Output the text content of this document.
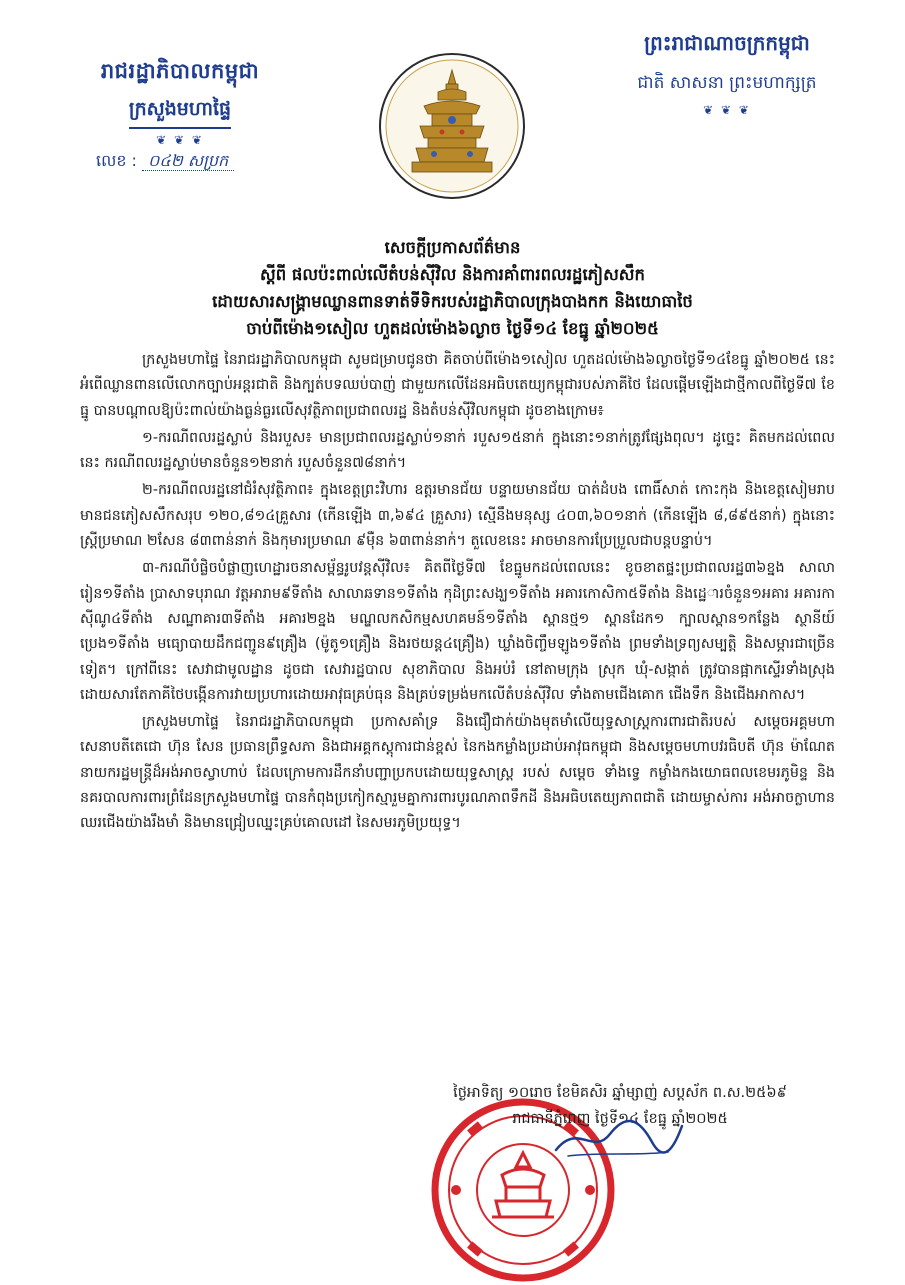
រាជរដ្ឋាភិបាលកម្ពុជា
ក្រសួងមហាផ្ទៃ
❦ ❦ ❦
លេខ : ០៤២ សប្រក
ព្រះរាជាណាចក្រកម្ពុជា
ជាតិ សាសនា ព្រះមហាក្សត្រ
❦ ❦ ❦
សេចក្តីប្រកាសព័ត៌មាន
ស្តីពី ផលប៉ះពាល់លើតំបន់ស៊ីវិល និងការគាំពារពលរដ្ឋភៀសសឹក
ដោយសារសង្គ្រាមឈ្លានពានទាត់ទីទិករបស់រដ្ឋាភិបាលក្រុងបាងកក និងយោធាថៃ
ចាប់ពីម៉ោង១សៀល ហួតដល់ម៉ោង៦ល្ងាច ថ្ងៃទី១៤ ខែធ្នូ ឆ្នាំ២០២៥

ក្រសួងមហាផ្ទៃ នៃរាជរដ្ឋាភិបាលកម្ពុជា សូមជម្រាបជូនថា គិតចាប់ពីម៉ោង១សៀល ហួតដល់ម៉ោង៦ល្ងាចថ្ងៃទី១៤ខែធ្នូ ឆ្នាំ២០២៥ នេះ អំពើឈ្លានពានលើលោកច្បាប់អន្តរជាតិ និងក្បត់បទឈប់បាញ់ ជាមួយកលើដែនអធិបតេយ្យកម្ពុជារបស់ភាគីថៃ ដែលផ្តើមឡើងជាថ្មីកាលពីថ្ងៃទី៧ ខែធ្នូ បានបណ្តាលឱ្យប៉ះពាល់យ៉ាងធ្ងន់ធ្ងរលើសុវត្ថិភាពប្រជាពលរដ្ឋ និងតំបន់ស៊ីវិលកម្ពុជា ដូចខាងក្រោម៖

១-ករណីពលរដ្ឋស្លាប់ និងរបួស៖ មានប្រជាពលរដ្ឋស្លាប់១នាក់ របួស១៥នាក់ ក្នុងនោះ១នាក់ត្រូវផ្សែងពុល។ ដូច្នេះ គិតមកដល់ពេលនេះ ករណីពលរដ្ឋស្លាប់មានចំនួន១២នាក់ របួសចំនួន៧៨នាក់។

២-ករណីពលរដ្ឋនៅជំរំសុវត្ថិភាព៖ ក្នុងខេត្តព្រះវិហារ ឧត្តរមានជ័យ បន្ទាយមានជ័យ បាត់ដំបង ពោធិ៍សាត់ កោះកុង និងខេត្តសៀមរាប មានជនភៀសសឹកសរុប ១២០,៨១៤គ្រួសារ (កើនឡើង ៣,៦៩៤ គ្រួសារ) ស្មើនឹងមនុស្ស ៤០៣,៦០១នាក់ (កើនឡើង ៨,៨៩៥នាក់) ក្នុងនោះស្ត្រីប្រមាណ ២សែន ៨៣ពាន់នាក់ និងកុមារប្រមាណ ៩ម៉ឺន ៦៣ពាន់នាក់។ តួលេខនេះ អាចមានការប្រែប្រួលជាបន្តបន្ទាប់។

៣-ករណីបំផ្លិចបំផ្លាញហេដ្ឋារចនាសម្ព័ន្ធរូបវន្តស៊ីវិល៖ គិតពីថ្ងៃទី៧ ខែធ្នូមកដល់ពេលនេះ ខូចខាតផ្ទះប្រជាពលរដ្ឋ៣៦ខ្នង សាលារៀន១ទីតាំង ប្រាសាទបុរាណ វត្តអារាម៩ទីតាំង សាលាឆទាន១ទីតាំង កុដិព្រះសង្ឃ១ទីតាំង អគារកោសិកា៥ទីតាំង និងដេ្ឋារចំនួន១អគារ អគារកាស៊ីណូ៤ទីតាំង សណ្ឋាគារ៣ទីតាំង អគារ២ខ្នង មណ្ឌលកសិកម្មសហគមន៍១ទីតាំង ស្ពានថ្ម១ ស្ពានដែក១ ក្បាលស្ពាន១កន្លែង ស្ថានីយ៍ប្រេង១ទីតាំង មធ្យោបាយដឹកជញ្ជូន៩គ្រឿង (ម៉ូតូ១គ្រឿង និងរថយន្ត៤គ្រឿង) ឃ្លាំងចិញ្ចឹមឡូង១ទីតាំង ព្រមទាំងទ្រព្យសម្បត្តិ និងសម្ភារជាច្រើនទៀត។ ក្រៅពីនេះ សេវាជាមូលដ្ឋាន ដូចជា សេវារដ្ឋបាល សុខាភិបាល និងអប់រំ នៅតាមក្រុង ស្រុក ឃុំ-សង្កាត់ ត្រូវបានផ្អាកស្ទើរទាំងស្រុង ដោយសារតែភាគីថៃបង្កើនការវាយប្រហារដោយអាវុធគ្រប់ធុន និងគ្រប់ទម្រង់មកលើតំបន់ស៊ីវិល ទាំងតាមជើងគោក ជើងទឹក និងជើងអាកាស។

ក្រសួងមហាផ្ទៃ នៃរាជរដ្ឋាភិបាលកម្ពុជា ប្រកាសគាំទ្រ និងជឿជាក់យ៉ាងមុតមាំលើយុទ្ធសាស្ត្រការពារជាតិរបស់ សម្តេចអគ្គមហាសេនាបតីតេជោ ហ៊ុន សែន ប្រធានព្រឹទ្ធសភា និងជាអគ្គកស្ដុការជាន់ខ្ពស់ នៃកងកម្លាំងប្រដាប់អាវុធកម្ពុជា និងសម្តេចមហាបវរធិបតី ហ៊ុន ម៉ាណែត នាយករដ្ឋមន្ត្រីដ៏អង់អាចស្វាហាប់ ដែលក្រោមការដឹកនាំបញ្ជាប្រកបដោយយុទ្ធសាស្ត្រ របស់ សម្តេច ទាំងទ្វេ កម្លាំងកងយោធពលខេមរភូមិន្ទ និងនគរបាលការពារព្រំដែនក្រសួងមហាផ្ទៃ បានកំពុងប្រកៀកស្មារួមគ្នាការពារបូរណភាពទឹកដី និងអធិបតេយ្យភាពជាតិ ដោយម្ចាស់ការ អង់អាចក្លាហាន ឈរជើងយ៉ាងរឹងមាំ និងមានជ្រៀបឈ្នះគ្រប់គោលដៅ នៃសមរភូមិប្រយុទ្ធ។

ថ្ងៃអាទិត្យ ១០រោច ខែមិគសិរ ឆ្នាំម្សាញ់ សប្តស័ក ព.ស.២៥៦៩
រាជធានីភ្នំពេញ ថ្ងៃទី១៤ ខែធ្នូ ឆ្នាំ២០២៥
